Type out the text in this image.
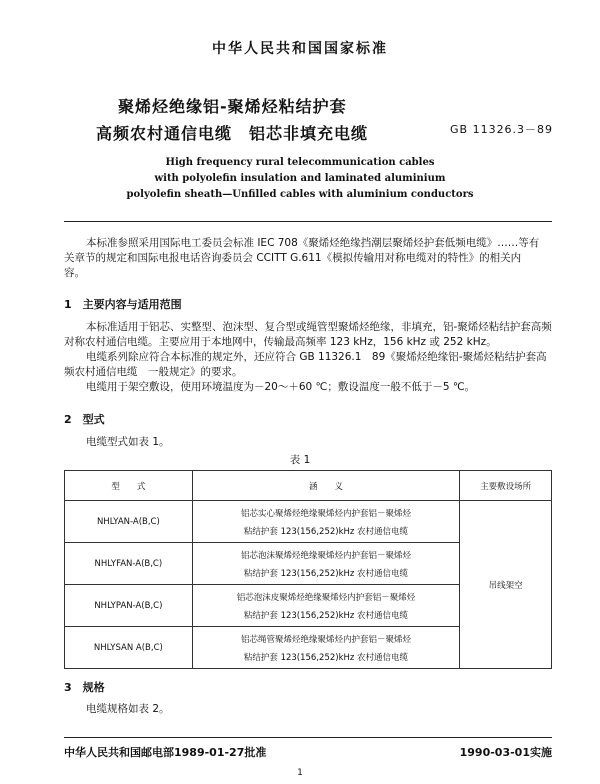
中华人民共和国国家标准
聚烯烃绝缘铝-聚烯烃粘结护套
高频农村通信电缆　铝芯非填充电缆	GB 11326.3－89
High frequency rural telecommunication cables
with polyolefin insulation and laminated aluminium
polyolefin sheath—Unfilled cables with aluminium conductors
本标准参照采用国际电工委员会标准 IEC 708《聚烯烃绝缘挡潮层聚烯烃护套低频电缆》……等有
关章节的规定和国际电报电话咨询委员会 CCITT G.611《模拟传输用对称电缆对的特性》的相关内
容。
1　主要内容与适用范围
本标准适用于铝芯、实整型、泡沫型、复合型或绳管型聚烯烃绝缘，非填充，铝-聚烯烃粘结护套高频
对称农村通信电缆。主要应用于本地网中，传输最高频率 123 kHz，156 kHz 或 252 kHz。
电缆系列除应符合本标准的规定外，还应符合 GB 11326.1　89《聚烯烃绝缘铝-聚烯烃粘结护套高
频农村通信电缆　一般规定》的要求。
电缆用于架空敷设，使用环境温度为－20～＋60 ℃；敷设温度一般不低于－5 ℃。
2　型式
电缆型式如表 1。
表 1
型　　式	涵　　义	主要敷设场所
NHLYAN-A(B,C)	铝芯实心聚烯烃绝缘聚烯烃内护套铝－聚烯烃
粘结护套 123(156,252)kHz 农村通信电缆	吊线架空
NHLYFAN-A(B,C)	铝芯泡沫聚烯烃绝缘聚烯烃内护套铝－聚烯烃
粘结护套 123(156,252)kHz 农村通信电缆	

NHLYPAN-A(B,C)	铝芯泡沫皮聚烯烃绝缘聚烯烃内护套铝－聚烯烃
粘结护套 123(156,252)kHz 农村通信电缆	

NHLYSAN A(B,C)	铝芯绳管聚烯烃绝缘聚烯烃内护套铝－聚烯烃
粘结护套 123(156,252)kHz 农村通信电缆	
3　规格
电缆规格如表 2。
中华人民共和国邮电部1989-01-27批准	1990-03-01实施
1
